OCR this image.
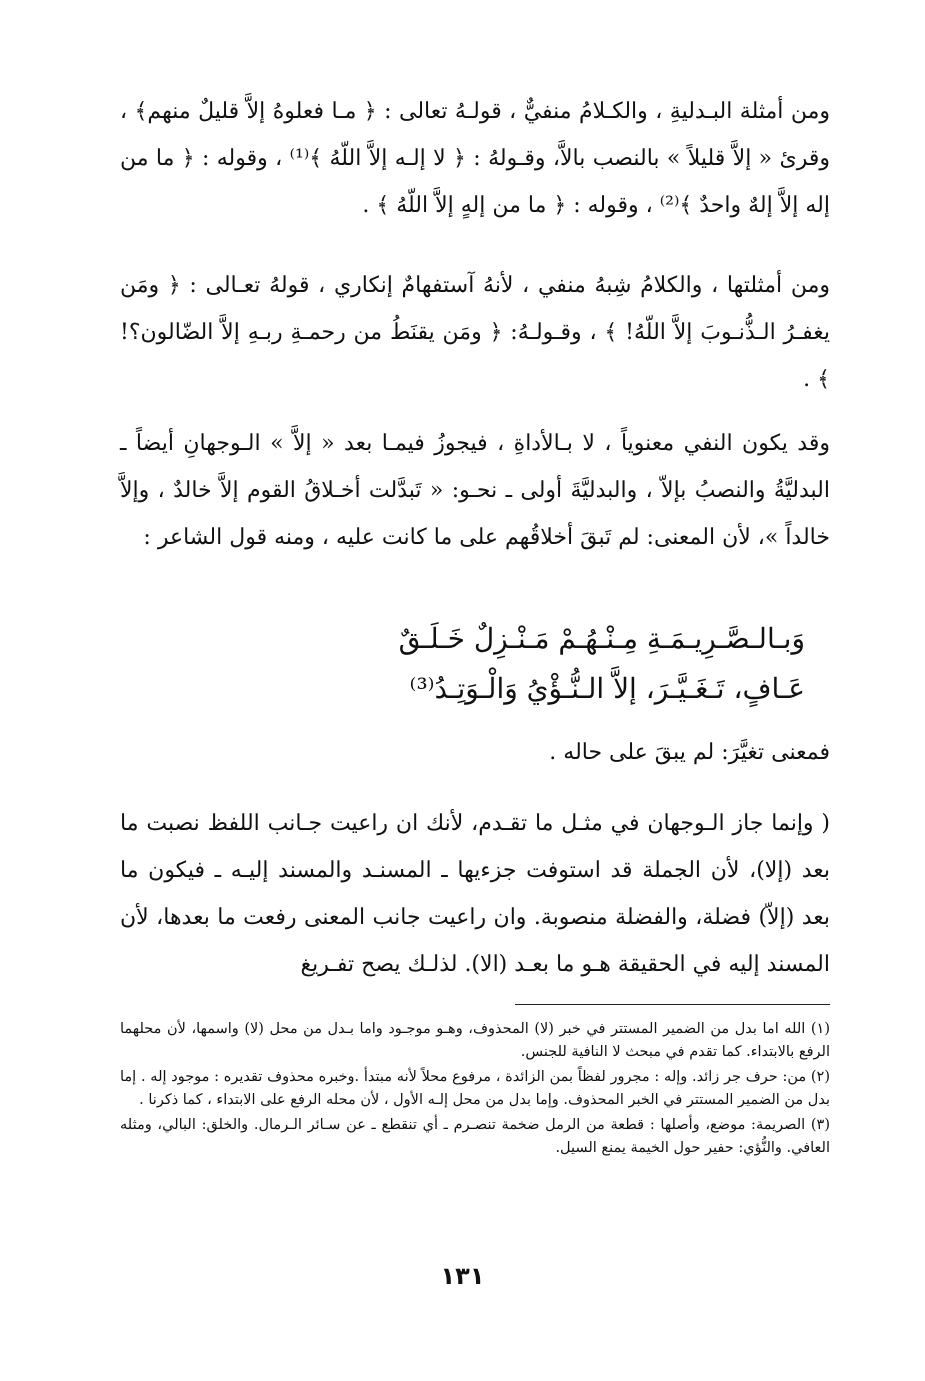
ومن أمثلة البـدليةِ ، والكـلامُ منفيٌّ ، قولـهُ تعالى : ﴿ مـا فعلوهُ إلاَّ قليلٌ منهم﴾ ، وقرئ « إلاَّ قليلاً » بالنصب بالاَّ، وقـولهُ : ﴿ لا إلـه إلاَّ اللّهُ ﴾⁽¹⁾ ، وقوله : ﴿ ما من إله إلاَّ إلهٌ واحدٌ ﴾⁽²⁾ ، وقوله : ﴿ ما من إلهٍ إلاَّ اللّهُ ﴾ .

ومن أمثلتها ، والكلامُ شِبهُ منفي ، لأنهُ آستفهامٌ إنكاري ، قولهُ تعـالى : ﴿ ومَن يغفـرُ الـذُّنـوبَ إلاَّ اللّهُ! ﴾ ، وقـولـهُ: ﴿ ومَن يقنَطُ من رحمـةِ ربـهِ إلاَّ الضّالون؟! ﴾ .

وقد يكون النفي معنوياً ، لا بـالأداةِ ، فيجوزُ فيمـا بعد « إلاَّ » الـوجهانِ أيضاً ـ البدليَّةُ والنصبُ بإلاّ ، والبدليَّةَ أولى ـ نحـو: « تَبدَّلت أخـلاقُ القوم إلاَّ خالدٌ ، وإلاَّ خالداً »، لأن المعنى: لم تَبقَ أخلاقُهم على ما كانت عليه ، ومنه قول الشاعر :

وَبـالـصَّـرِيـمَـةِ مِـنْـهُـمْ مَـنْـزِلٌ خَـلَـقٌ
عَـافٍ، تَـغَـيَّـرَ، إلاَّ الـنُّـؤْيُ وَالْـوَتِـدُ⁽³⁾

فمعنى تغيَّرَ: لم يبقَ على حاله .

( وإنما جاز الـوجهان في مثـل ما تقـدم، لأنك ان راعيت جـانب اللفظ نصبت ما بعد (إلا)، لأن الجملة قد استوفت جزءيها ـ المسنـد والمسند إليـه ـ فيكون ما بعد (إلاّ) فضلة، والفضلة منصوبة. وان راعيت جانب المعنى رفعت ما بعدها، لأن المسند إليه في الحقيقة هـو ما بعـد (الا). لذلـك يصح تفـريغ

(١) الله اما بدل من الضمير المستتر في خبر (لا) المحذوف، وهـو موجـود واما بـدل من محل (لا) واسمها، لأن محلهما الرفع بالابتداء. كما تقدم في مبحث لا النافية للجنس.

(٢) من: حرف جر زائد. وإله : مجرور لفظاً بمن الزائدة ، مرفوع محلاً لأنه مبتدأ .وخبره محذوف تقديره : موجود إله . إما بدل من الضمير المستتر في الخبر المحذوف. وإما بدل من محل إلـه الأول ، لأن محله الرفع على الابتداء ، كما ذكرنا .

(٣) الصريمة: موضع، وأصلها : قطعة من الرمل ضخمة تنصـرم ـ أي تنقطع ـ عن سـائر الـرمال. والخلق: البالي، ومثله العافي. والنُّؤي: حفير حول الخيمة يمنع السيل.

١٣١
